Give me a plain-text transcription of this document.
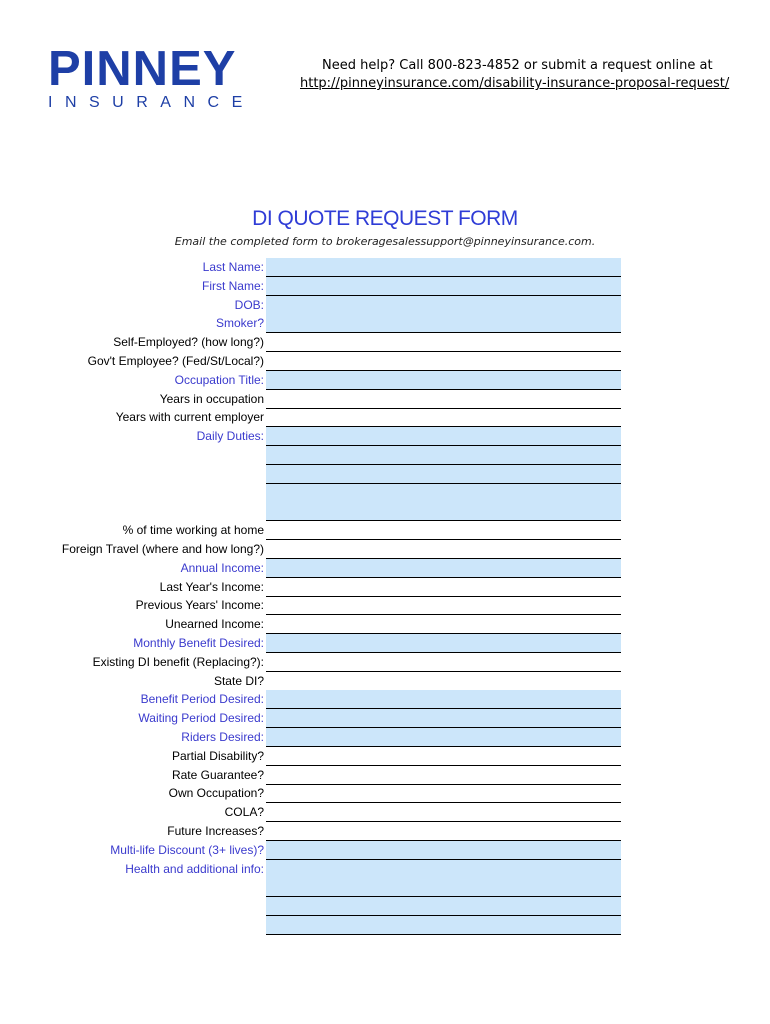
PINNEY
INSURANCE
Need help? Call 800-823-4852 or submit a request online at
http://pinneyinsurance.com/disability-insurance-proposal-request/
DI QUOTE REQUEST FORM
Email the completed form to brokeragesalessupport@pinneyinsurance.com.
Last Name:
First Name:
DOB:
Smoker?
Self-Employed? (how long?)
Gov't Employee? (Fed/St/Local?)
Occupation Title:
Years in occupation
Years with current employer
Daily Duties:
% of time working at home
Foreign Travel (where and how long?)
Annual Income:
Last Year's Income:
Previous Years' Income:
Unearned Income:
Monthly Benefit Desired:
Existing DI benefit (Replacing?):
State DI?
Benefit Period Desired:
Waiting Period Desired:
Riders Desired:
Partial Disability?
Rate Guarantee?
Own Occupation?
COLA?
Future Increases?
Multi-life Discount (3+ lives)?
Health and additional info:
